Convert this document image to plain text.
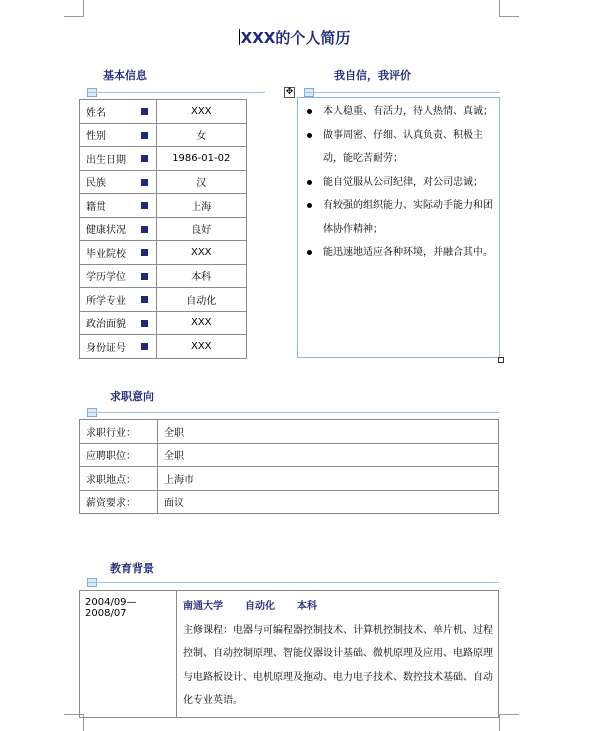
XXX的个人简历
基本信息
姓名	XXX
性别	女
出生日期	1986-01-02
民族	汉
籍贯	上海
健康状况	良好
毕业院校	XXX
学历学位	本科
所学专业	自动化
政治面貌	XXX
身份证号	XXX
我自信，我评价
✥
本人稳重、有活力，待人热情、真诚；
做事周密、仔细、认真负责、积极主动，能吃苦耐劳；
能自觉服从公司纪律，对公司忠诚；
有较强的组织能力、实际动手能力和团体协作精神；
能迅速地适应各种环境，并融合其中。
求职意向
求职行业：	全职
应聘职位：	全职
求职地点：	上海市
薪资要求：	面议
教育背景
2004/09—2008/07	
南通大学 自动化 本科
主修课程：电器与可编程器控制技术、计算机控制技术、单片机、过程控制、自动控制原理、智能仪器设计基础、微机原理及应用、电路原理与电路板设计、电机原理及拖动、电力电子技术、数控技术基础、自动化专业英语。
